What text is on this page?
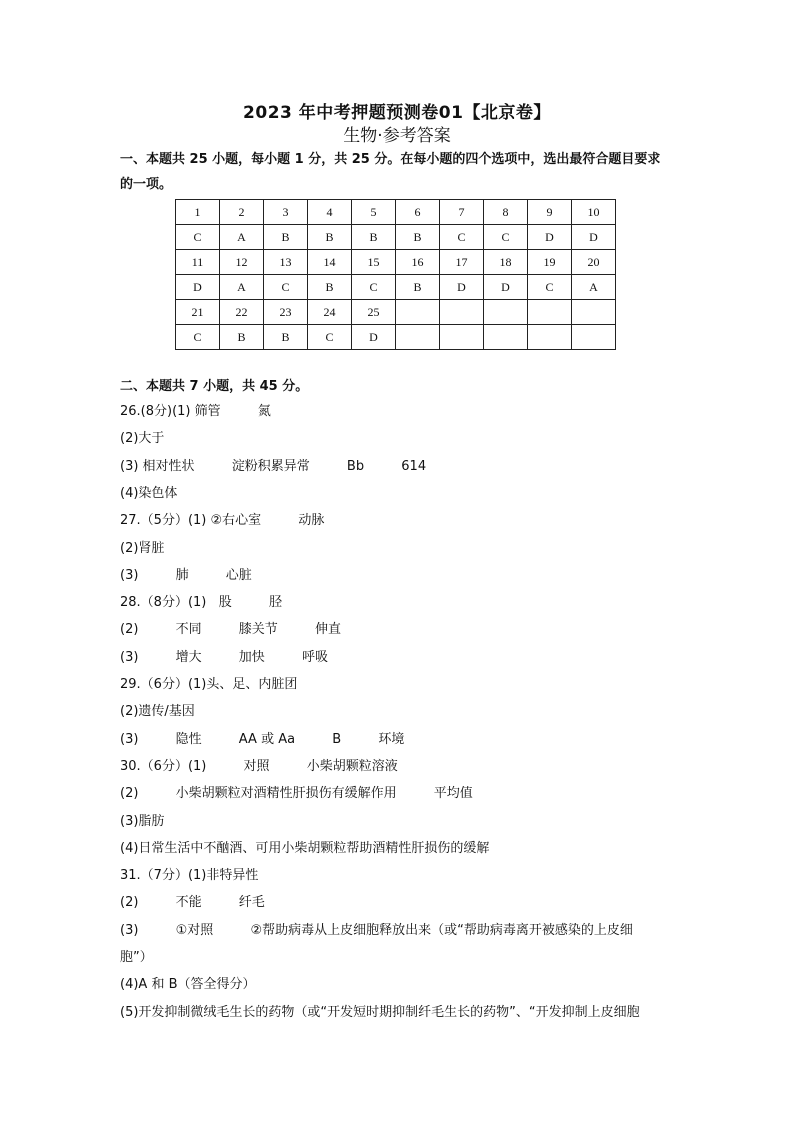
2023 年中考押题预测卷01【北京卷】
生物·参考答案
一、本题共 25 小题，每小题 1 分，共 25 分。在每小题的四个选项中，选出最符合题目要求
的一项。
1	2	3	4	5	6	7	8	9	10
C	A	B	B	B	B	C	C	D	D
11	12	13	14	15	16	17	18	19	20
D	A	C	B	C	B	D	D	C	A
21	22	23	24	25					
C	B	B	C	D					
二、本题共 7 小题，共 45 分。
26.(8分)(1) 筛管         氮
(2)大于
(3) 相对性状         淀粉积累异常         Bb         614
(4)染色体
27.（5分）(1) ②右心室         动脉
(2)肾脏
(3)         肺         心脏
28.（8分）(1)   股         胫
(2)         不同         膝关节         伸直
(3)         增大         加快         呼吸
29.（6分）(1)头、足、内脏团
(2)遗传/基因
(3)         隐性         AA 或 Aa         B         环境
30.（6分）(1)         对照         小柴胡颗粒溶液
(2)         小柴胡颗粒对酒精性肝损伤有缓解作用         平均值
(3)脂肪
(4)日常生活中不酗酒、可用小柴胡颗粒帮助酒精性肝损伤的缓解
31.（7分）(1)非特异性
(2)         不能         纤毛
(3)         ①对照         ②帮助病毒从上皮细胞释放出来（或“帮助病毒离开被感染的上皮细
胞”）
(4)A 和 B（答全得分）
(5)开发抑制微绒毛生长的药物（或“开发短时期抑制纤毛生长的药物”、“开发抑制上皮细胞
